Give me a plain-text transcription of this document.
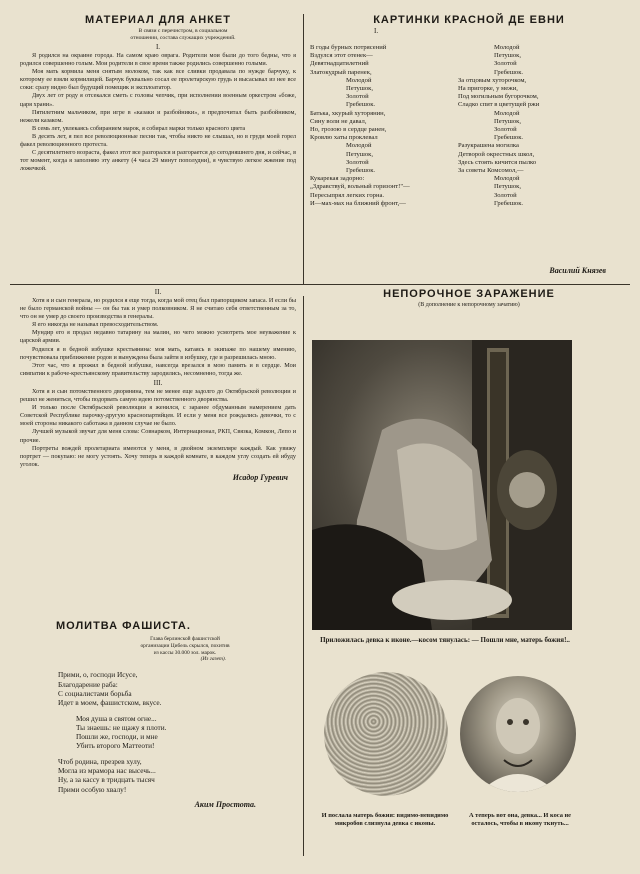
МАТЕРИАЛ ДЛЯ АНКЕТ
В связи с перечнстром, в социальном отношении, состава служащих учреждений.
I.

Я родился на окраине города. На самом краю оврага. Родители мои были до того бедны, что я родился совершенно голым. Мои родители в свое время также родились совершенно голыми.

Моя мать кормила меня снятым молоком, так как все сливки продавала по нужде барчуку, к которому ее взяли кормилицей. Барчук буквально сосал ее пролетарскую грудь и высасывал из нее все соки: сразу видно был будущий помещик и эксплоататор.

Двух лет от роду я отсекался сметь с головы чепчик, при исполнении военным оркестром «боже, царя храни».

Пятилетним мальчиком, при игре в «казаки и разбойники», я предпочитал быть разбойником, нежели казаком.

В семь лет, увлекаясь собиранием марок, я собирал марки только красного цвета

В десять лет, я пел все революционные песни так, чтобы никто не слышал, но в груди моей горел факел революционного протеста.

С десятилетнего возраста, факел этот все разгорался и разгорается до сегодняшнего дня, и сейчас, в тот момент, когда я заполняю эту анкету (4 часа 29 минут пополудни), я чувствую легкое жжение под ложечкой.

II.

Хотя я и сын генерала, но родился я еще тогда, когда мой отец был прапорщиком запаса. И если бы не было германской войны — он бы так и умер полковником. Я не считаю себя ответственным за то, что он не умер до своего производства в генералы.

Я его никогда не называл превосходительством.

Мундир его я продал недавно татарину на малин, но чего можно усмотреть мое неуважение к царской армии.

Родился я в бедной избушке крестьянина: моя мать, катаясь в экипаже по нашему имению, почувствовала приближение родов и вынуждена была зайти в избушку, где и разрешилась мною.

Этот час, что я прожил в бедной избушке, навсегда врезался в мою память и в сердце. Мои симпатии к рабоче-крестьянскому правительству зародились, несомненно, тогда же.

III.

Хотя я и сын потомственного дворянина, тем не менее еще задолго до Октябрьской революции и решил не жениться, чтобы подорвать самую идею потомственного дворянства.

И только после Октябрьской революции я женился, с заранее обдуманным намерением дать Советской Республике парочку-другую краснопартийцев. И если у меня все рождались девочки, то с моей стороны никакого саботажа в данном случае не было.

Лучшей музыкой звучат для меня слова: Совнарком, Интернационал, РКП, Связка, Комкон, Лепо и прочие.

Портреты вождей пролетариата имеются у меня, в двойном экземпляре каждый. Как увижу портрет — покупаю: не могу устоять. Хочу теперь в каждой комнате, в каждом углу создать ей ибуду уголок.

Исадор Гуревич
МОЛИТВА ФАШИСТА.
Глава берлинской фашистской организации Цибель скрылся, похитив из кассы 30.000 зол. марок.
(Из газет).

Прими, о, господи Исусе,

Благодарение раба:

С социалистами борьба

Идет в моем, фашистском, вкусе.

Моя душа в святом огне...

Ты знаешь: не щажу я плоти.

Пошли же, господи, и мне

Убить второго Маттеоти!

Чтоб родина, презрев хулу,

Могла из мрамора нас высечь...

Ну, а за кассу в тридцать тысяч

Прими особую хвалу!

Аким Простота.
КАРТИНКИ КРАСНОЙ ДЕ ЕВНИ
I.
В годы бурных потрясений
Вздулся этот отенек—
Девятнадцатилетний
Златокудрый паренек,
Молодой
Петушок,
Золотой
Гребешок.
Батька, хкурый хуторянин,
Сину воли не давал,
Но, грозою в сердце ранен,
Кровлю хаты проклевал
Молодой
Петушок,
Золотой
Гребешок.
Кукарекая задорно:
„Здравствуй, вольный горизонт!"—
Пересыпрял легких горна.
И—мах-мах на ближний фронт,—
Молодой
Петушок,
Золотой
Гребешок.
За отцовым хуторочком,
На пригорке, у межи,
Под могильным бугорочком,
Сладко спит в цветущей ржи
Молодой
Петушок,
Золотой
Гребешок.
Разукрашена могилка
Детворой окрестных школ,
Здесь стоять кичится пылко
За советы Комсомол,—
Молодой
Петушок,
Золотой
Гребешок.
Василий Князев
НЕПОРОЧНОЕ ЗАРАЖЕНИЕ
(В дополнение к непорочному зачатию)
Приложилась девка к иконе.—косом тянулась: — Пошли мне, матерь божия!..
И послала матерь божия: видимо-невидимо микробов слизнула девка с иконы.
А теперь вот она, девка... И коса не осталось, чтобы в икону ткнуть...
